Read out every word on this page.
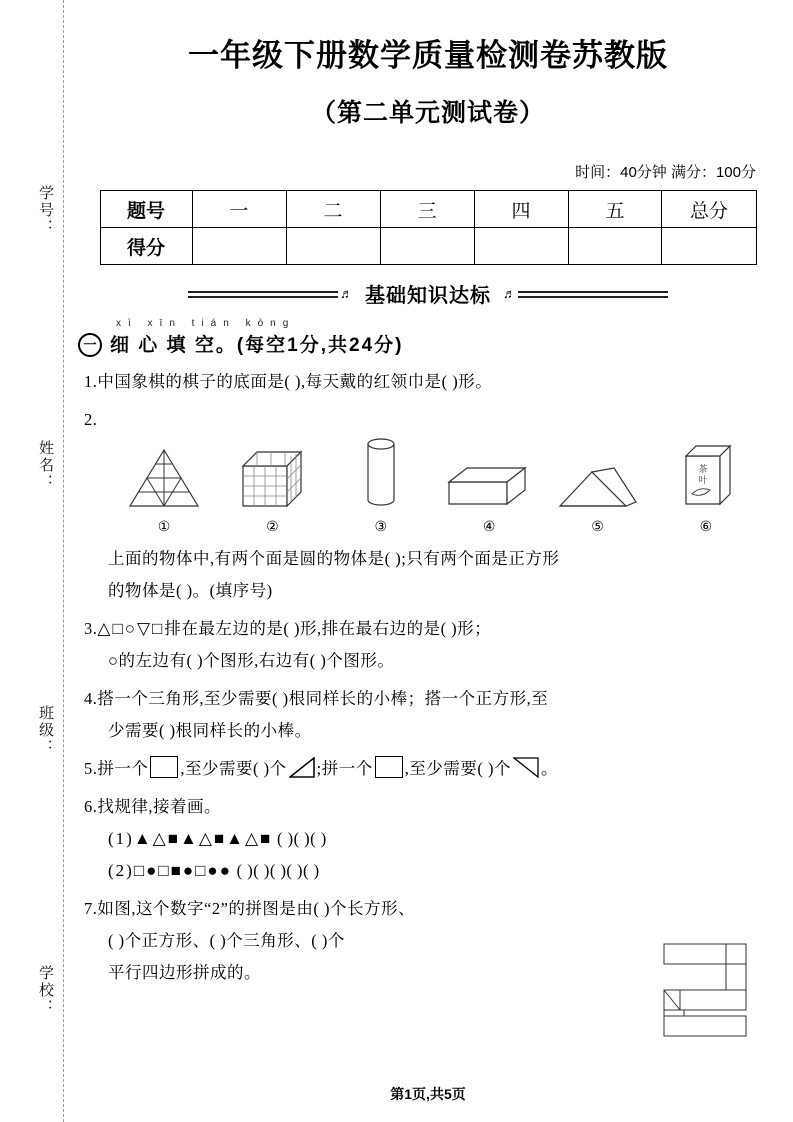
学号：
姓名：
班级：
学校：
一年级下册数学质量检测卷苏教版
（第二单元测试卷）
时间：40分钟 满分：100分
题号	一	二	三	四	五	总分
得分						
♬ 基础知识达标 ♬
xì xīn tián kòng
一 细 心 填 空。(每空1分,共24分)
1.中国象棋的棋子的底面是( ),每天戴的红领巾是( )形。
2.
茶
叶
①	②	③	④	⑤	⑥
上面的物体中,有两个面是圆的物体是( );只有两个面是正方形
的物体是( )。(填序号)
3.△□○▽□排在最左边的是( )形,排在最右边的是( )形；
○的左边有( )个图形,右边有( )个图形。
4.搭一个三角形,至少需要( )根同样长的小棒；搭一个正方形,至
少需要( )根同样长的小棒。
5.拼一个 ,至少需要( )个 ;拼一个 ,至少需要( )个 。
6.找规律,接着画。
(1)▲△■▲△■▲△■ ( )( )( )
(2)□●□■●□●● ( )( )( )( )( )
7.如图,这个数字“2”的拼图是由( )个长方形、
( )个正方形、( )个三角形、( )个
平行四边形拼成的。
第1页,共5页
